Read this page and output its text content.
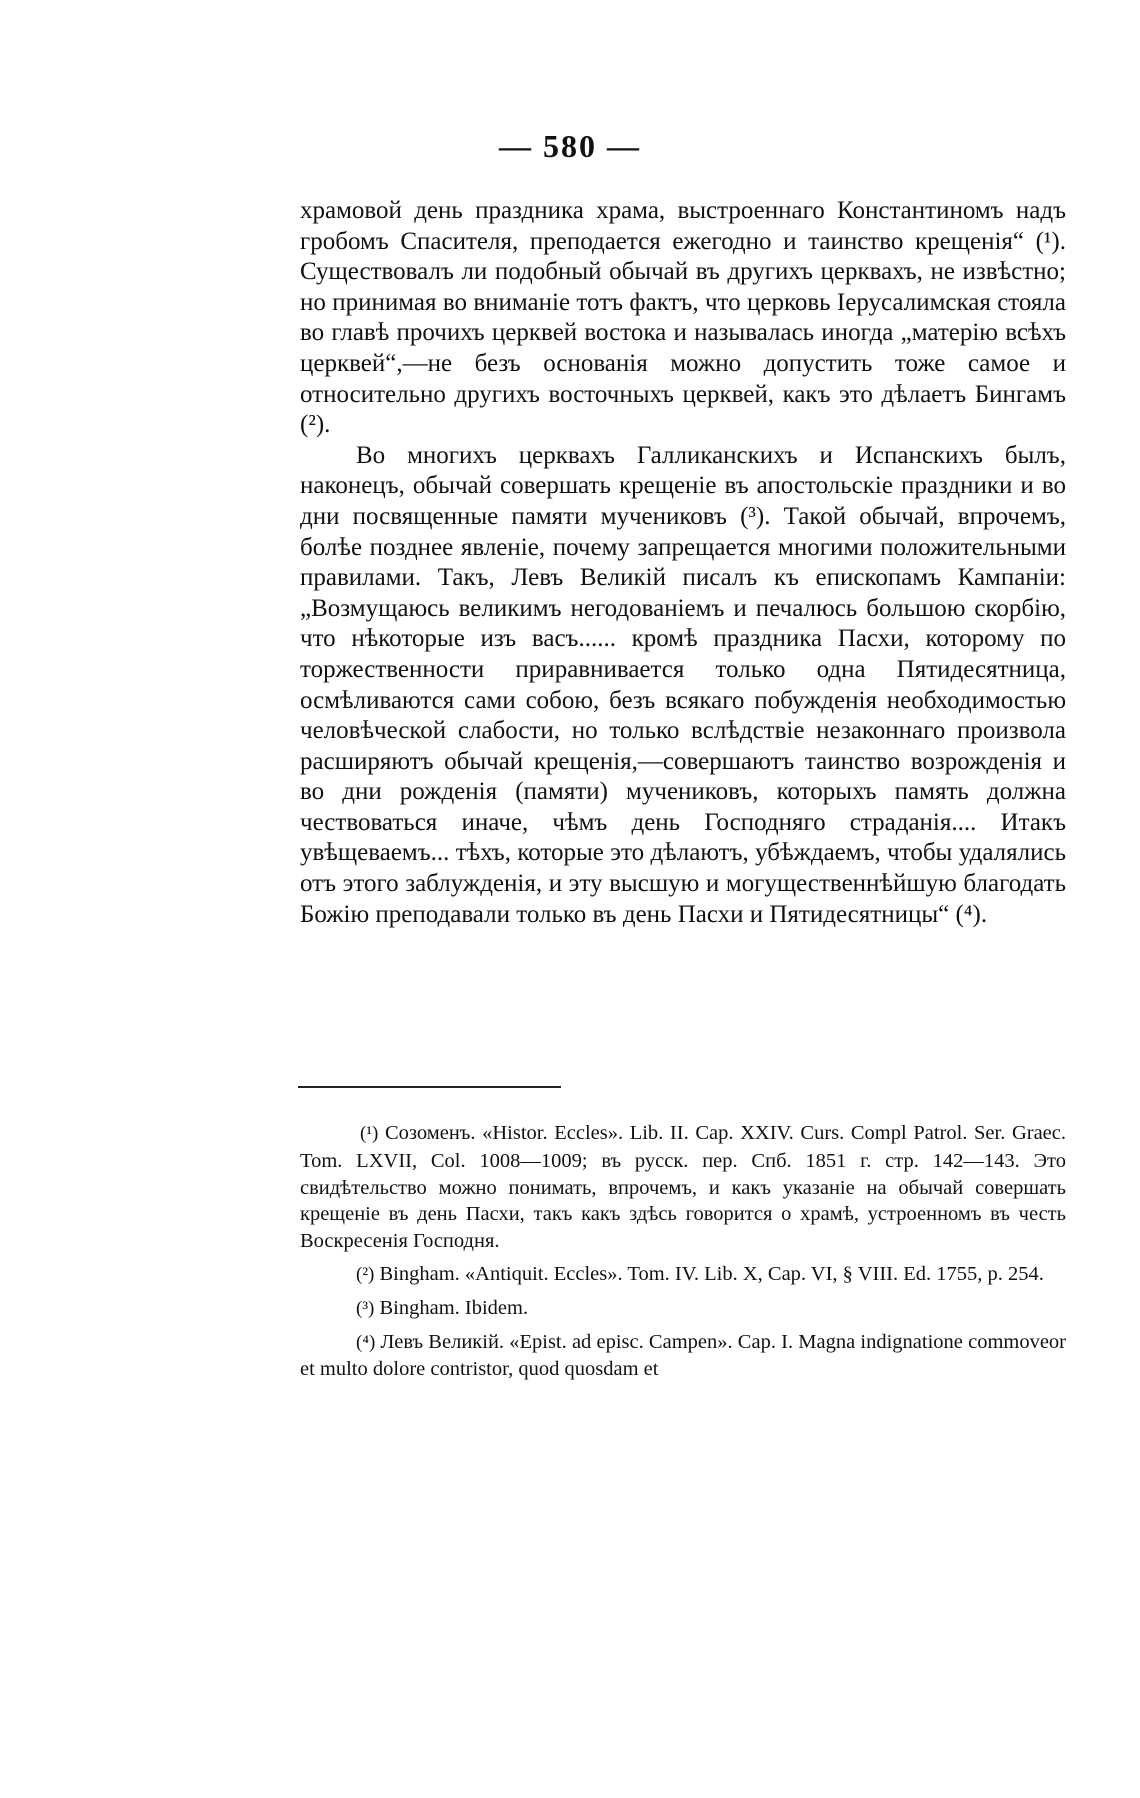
— 580 —

храмовой день праздника храма, выстроеннаго Константиномъ надъ гробомъ Спасителя, преподается ежегодно и таинство крещенія“ (¹). Существовалъ ли подобный обычай въ другихъ церквахъ, не извѣстно; но принимая во вниманіе тотъ фактъ, что церковь Іерусалимская стояла во главѣ прочихъ церквей востока и называлась иногда „матерію всѣхъ церквей“,—не безъ основанія можно допустить тоже самое и относительно другихъ восточныхъ церквей, какъ это дѣлаетъ Бингамъ (²).

Во многихъ церквахъ Галликанскихъ и Испанскихъ былъ, наконецъ, обычай совершать крещеніе въ апостольскіе праздники и во дни посвященные памяти мучениковъ (³). Такой обычай, впрочемъ, болѣе позднее явленіе, почему запрещается многими положительными правилами. Такъ, Левъ Великій писалъ къ епископамъ Кампаніи: „Возмущаюсь великимъ негодованіемъ и печалюсь большою скорбію, что нѣкоторые изъ васъ...... кромѣ праздника Пасхи, которому по торжественности приравнивается только одна Пятидесятница, осмѣливаются сами собою, безъ всякаго побужденія необходимостью человѣческой слабости, но только вслѣдствіе незаконнаго произвола расширяютъ обычай крещенія,—совершаютъ таинство возрожденія и во дни рожденія (памяти) мучениковъ, которыхъ память должна чествоваться иначе, чѣмъ день Господняго страданія.... Итакъ увѣщеваемъ... тѣхъ, которые это дѣлаютъ, убѣждаемъ, чтобы удалялись отъ этого заблужденія, и эту высшую и могущественнѣйшую благодать Божію преподавали только въ день Пасхи и Пятидесятницы“ (⁴).

(¹) Созоменъ. «Histor. Eccles». Lib. II. Cap. XXIV. Curs. Compl Patrol. Ser. Graec. Tom. LXVII, Col. 1008—1009; въ русск. пер. Спб. 1851 г. стр. 142—143. Это свидѣтельство можно понимать, впрочемъ, и какъ указаніе на обычай совершать крещеніе въ день Пасхи, такъ какъ здѣсь говорится о храмѣ, устроенномъ въ честь Воскресенія Господня.

(²) Bingham. «Antiquit. Eccles». Tom. IV. Lib. X, Cap. VI, § VIII. Ed. 1755, p. 254.

(³) Bingham. Ibidem.

(⁴) Левъ Великій. «Epist. ad episc. Campen». Cap. I. Magna indignatione commoveor et multo dolore contristor, quod quosdam et
